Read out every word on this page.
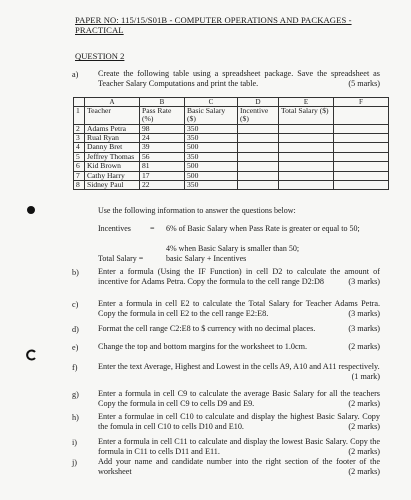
PAPER NO: 115/15/S01B - COMPUTER OPERATIONS AND PACKAGES - PRACTICAL
QUESTION 2
a) Create the following table using a spreadsheet package. Save the spreadsheet as Teacher Salary Computations and print the table.	(5 marks)
	A	B	C	D	E	F
1	Teacher	Pass Rate (%)	Basic Salary ($)	Incentive ($)	Total Salary ($)	
2	Adams Petra	98	350			
3	Rual Ryan	24	350			
4	Danny Bret	39	500			
5	Jeffrey Thomas	56	350			
6	Kid Brown	81	500			
7	Cathy Harry	17	500			
8	Sidney Paul	22	350			
Use the following information to answer the questions below:
Incentives = 6% of Basic Salary when Pass Rate is greater or equal to 50;
4% when Basic Salary is smaller than 50;
Total Salary =	basic Salary + Incentives
b) Enter a formula (Using the IF Function) in cell D2 to calculate the amount of incentive for Adams Petra. Copy the formula to the cell range D2:D8	(3 marks)
c) Enter a formula in cell E2 to calculate the Total Salary for Teacher Adams Petra. Copy the formula in cell E2 to the cell range E2:E8.	(3 marks)
d) Format the cell range C2:E8 to $ currency with no decimal places.	(3 marks)
e) Change the top and bottom margins for the worksheet to 1.0cm.	(2 marks)
f)	Enter the text Average, Highest and Lowest in the cells A9, A10 and A11 respectively.
(1 mark)
g) Enter a formula in cell C9 to calculate the average Basic Salary for all the teachers Copy the formula in cell C9 to cells D9 and E9.	(2 marks)
h) Enter a formulae in cell C10 to calculate and display the highest Basic Salary. Copy the fomula in cell C10 to cells D10 and E10.	(2 marks)
i)	Enter a formula in cell C11 to calculate and display the lowest Basic Salary. Copy the formula in C11 to cells D11 and E11.	(2 marks)
j)	Add your name and candidate number into the right section of the footer of the worksheet	(2 marks)
